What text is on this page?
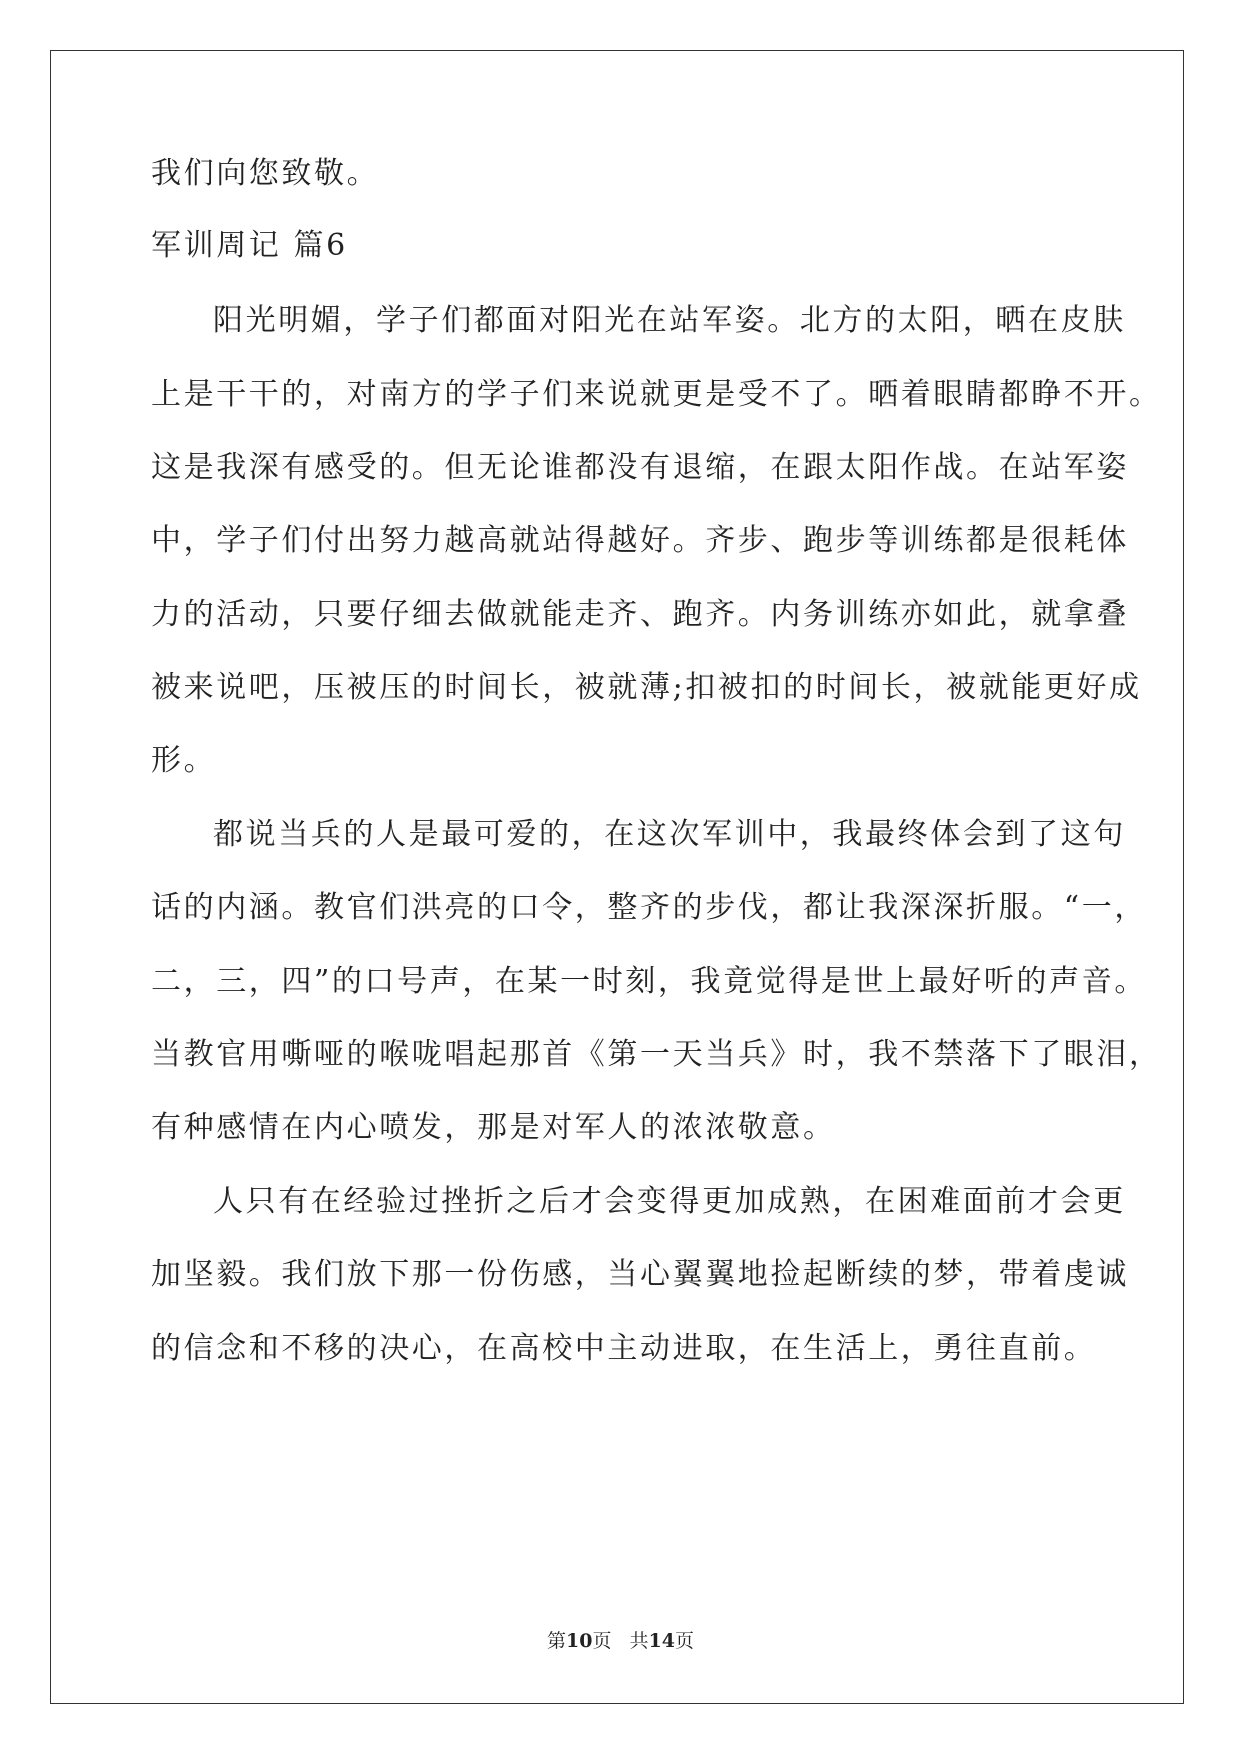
我们向您致敬。
军训周记 篇6
阳光明媚，学子们都面对阳光在站军姿。北方的太阳，晒在皮肤
上是干干的，对南方的学子们来说就更是受不了。晒着眼睛都睁不开。
这是我深有感受的。但无论谁都没有退缩，在跟太阳作战。在站军姿
中，学子们付出努力越高就站得越好。齐步、跑步等训练都是很耗体
力的活动，只要仔细去做就能走齐、跑齐。内务训练亦如此，就拿叠
被来说吧，压被压的时间长，被就薄;扣被扣的时间长，被就能更好成
形。
都说当兵的人是最可爱的，在这次军训中，我最终体会到了这句
话的内涵。教官们洪亮的口令，整齐的步伐，都让我深深折服。“一，
二，三，四”的口号声，在某一时刻，我竟觉得是世上最好听的声音。
当教官用嘶哑的喉咙唱起那首《第一天当兵》时，我不禁落下了眼泪，
有种感情在内心喷发，那是对军人的浓浓敬意。
人只有在经验过挫折之后才会变得更加成熟，在困难面前才会更
加坚毅。我们放下那一份伤感，当心翼翼地捡起断续的梦，带着虔诚
的信念和不移的决心，在高校中主动进取，在生活上，勇往直前。
第10页 共14页
